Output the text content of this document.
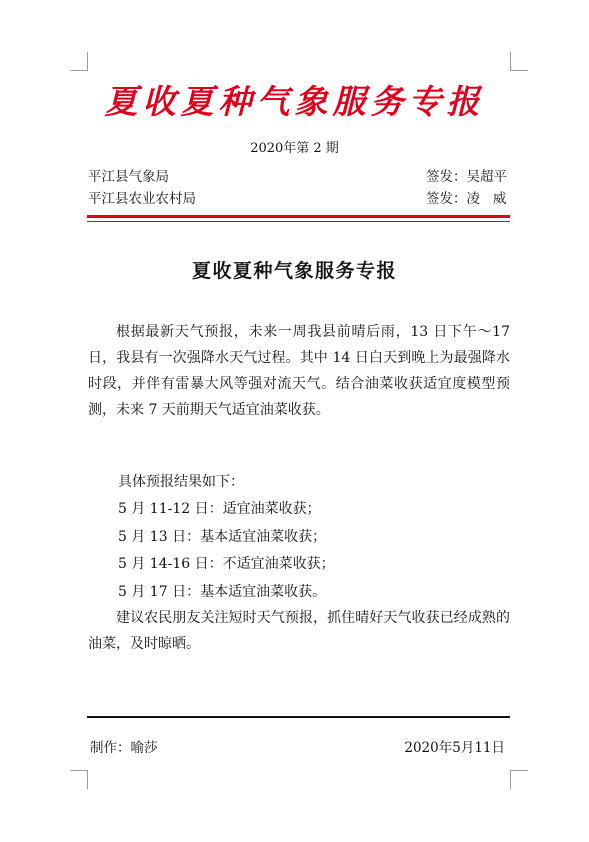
夏收夏种气象服务专报
2020年第 2 期
平江县气象局	签发：吴超平
平江县农业农村局	签发：凌   威
夏收夏种气象服务专报

根据最新天气预报，未来一周我县前晴后雨，13 日下午～17 日，我县有一次强降水天气过程。其中 14 日白天到晚上为最强降水时段，并伴有雷暴大风等强对流天气。结合油菜收获适宜度模型预测，未来 7 天前期天气适宜油菜收获。

具体预报结果如下：
5 月 11-12 日：适宜油菜收获；
5 月 13 日：基本适宜油菜收获；
5 月 14-16 日：不适宜油菜收获；
5 月 17 日：基本适宜油菜收获。

建议农民朋友关注短时天气预报，抓住晴好天气收获已经成熟的油菜，及时晾晒。

制作：喻莎	2020年5月11日
